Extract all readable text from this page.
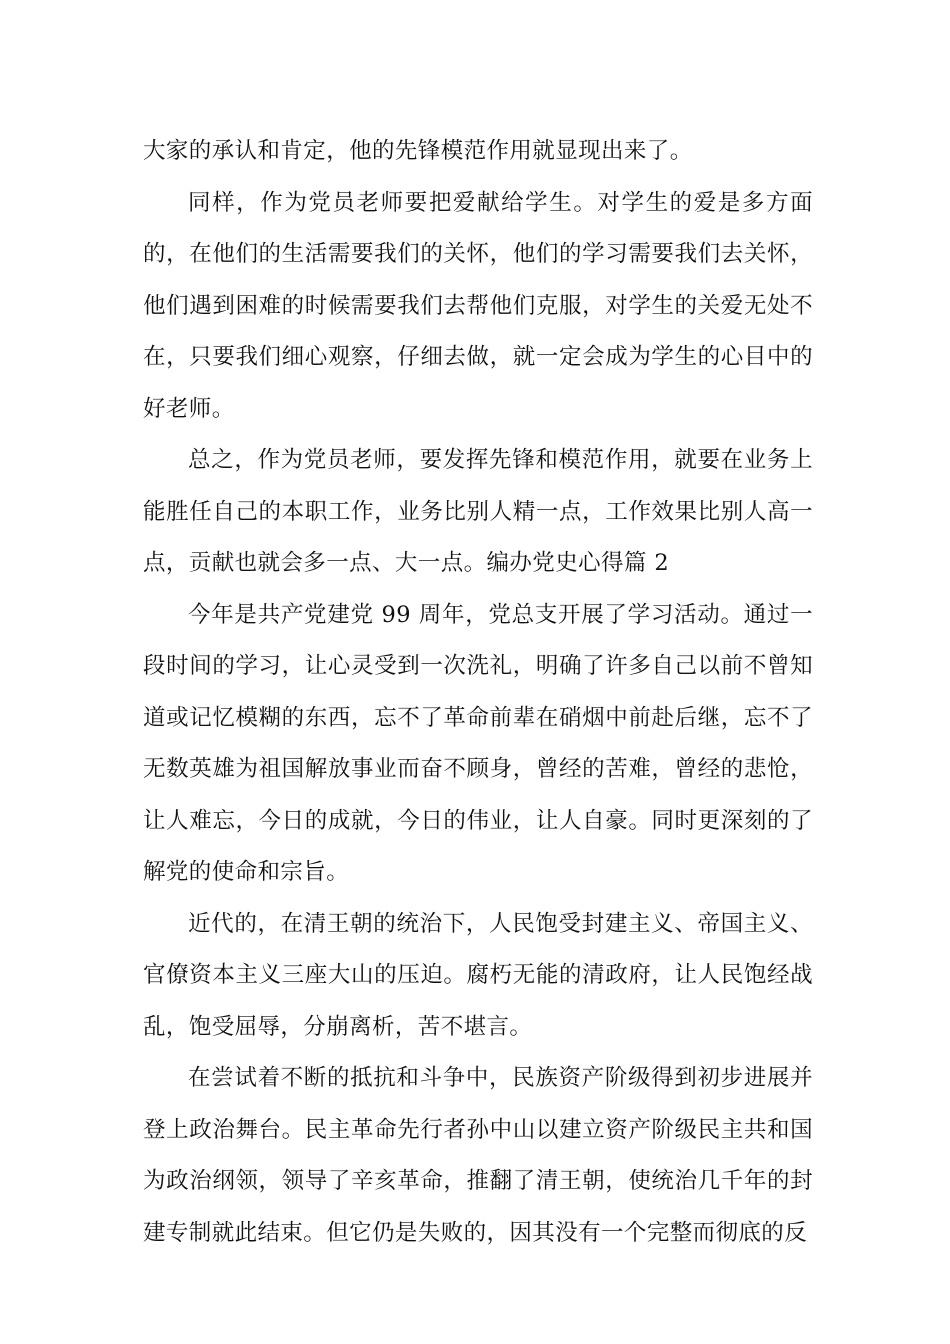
大家的承认和肯定，他的先锋模范作用就显现出来了。

同样，作为党员老师要把爱献给学生。对学生的爱是多方面的，在他们的生活需要我们的关怀，他们的学习需要我们去关怀，他们遇到困难的时候需要我们去帮他们克服，对学生的关爱无处不在，只要我们细心观察，仔细去做，就一定会成为学生的心目中的好老师。

总之，作为党员老师，要发挥先锋和模范作用，就要在业务上能胜任自己的本职工作，业务比别人精一点，工作效果比别人高一点，贡献也就会多一点、大一点。编办党史心得篇 2

今年是共产党建党 99 周年，党总支开展了学习活动。通过一段时间的学习，让心灵受到一次洗礼，明确了许多自己以前不曾知道或记忆模糊的东西，忘不了革命前辈在硝烟中前赴后继，忘不了无数英雄为祖国解放事业而奋不顾身，曾经的苦难，曾经的悲怆，让人难忘，今日的成就，今日的伟业，让人自豪。同时更深刻的了解党的使命和宗旨。

近代的，在清王朝的统治下，人民饱受封建主义、帝国主义、官僚资本主义三座大山的压迫。腐朽无能的清政府，让人民饱经战乱，饱受屈辱，分崩离析，苦不堪言。

在尝试着不断的抵抗和斗争中，民族资产阶级得到初步进展并登上政治舞台。民主革命先行者孙中山以建立资产阶级民主共和国为政治纲领，领导了辛亥革命，推翻了清王朝，使统治几千年的封建专制就此结束。但它仍是失败的，因其没有一个完整而彻底的反
